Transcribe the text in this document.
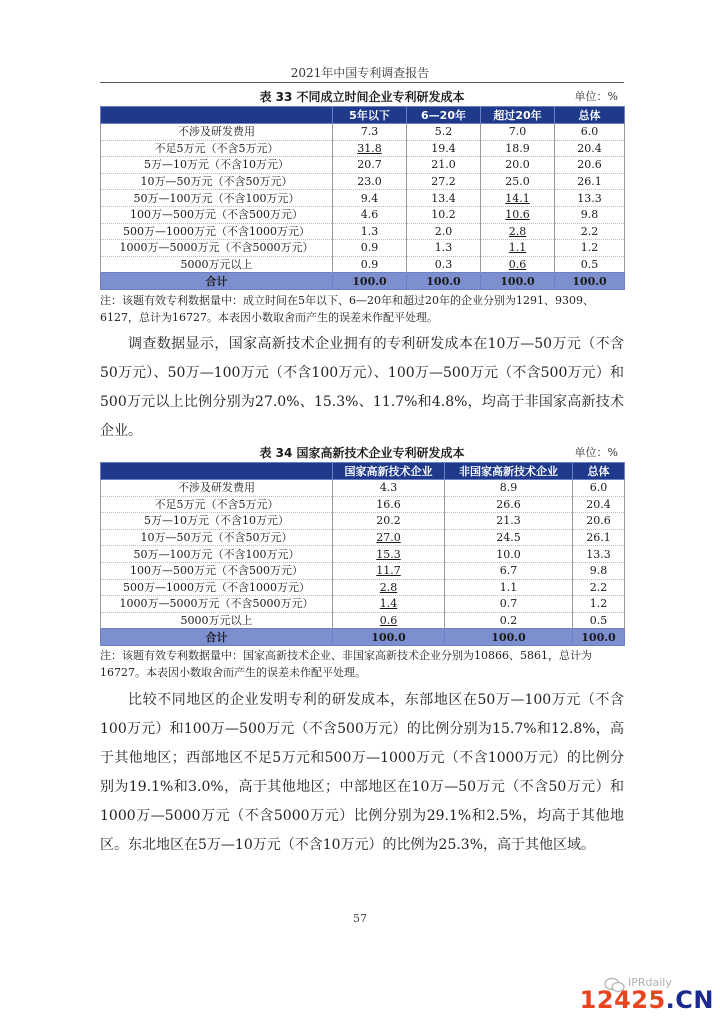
2021年中国专利调查报告
表 33 不同成立时间企业专利研发成本	单位：%
	5年以下	6—20年	超过20年	总体
不涉及研发费用	7.3	5.2	7.0	6.0
不足5万元（不含5万元）	31.8	19.4	18.9	20.4
5万—10万元（不含10万元）	20.7	21.0	20.0	20.6
10万—50万元（不含50万元）	23.0	27.2	25.0	26.1
50万—100万元（不含100万元）	9.4	13.4	14.1	13.3
100万—500万元（不含500万元）	4.6	10.2	10.6	9.8
500万—1000万元（不含1000万元）	1.3	2.0	2.8	2.2
1000万—5000万元（不含5000万元）	0.9	1.3	1.1	1.2
5000万元以上	0.9	0.3	0.6	0.5
合计	100.0	100.0	100.0	100.0
注：该题有效专利数据量中：成立时间在5年以下、6—20年和超过20年的企业分别为1291、9309、6127，总计为16727。本表因小数取舍而产生的误差未作配平处理。
调查数据显示，国家高新技术企业拥有的专利研发成本在10万—50万元（不含50万元）、50万—100万元（不含100万元）、100万—500万元（不含500万元）和500万元以上比例分别为27.0%、15.3%、11.7%和4.8%，均高于非国家高新技术企业。
表 34 国家高新技术企业专利研发成本	单位：%
	国家高新技术企业	非国家高新技术企业	总体
不涉及研发费用	4.3	8.9	6.0
不足5万元（不含5万元）	16.6	26.6	20.4
5万—10万元（不含10万元）	20.2	21.3	20.6
10万—50万元（不含50万元）	27.0	24.5	26.1
50万—100万元（不含100万元）	15.3	10.0	13.3
100万—500万元（不含500万元）	11.7	6.7	9.8
500万—1000万元（不含1000万元）	2.8	1.1	2.2
1000万—5000万元（不含5000万元）	1.4	0.7	1.2
5000万元以上	0.6	0.2	0.5
合计	100.0	100.0	100.0
注：该题有效专利数据量中：国家高新技术企业、非国家高新技术企业分别为10866、5861，总计为16727。本表因小数取舍而产生的误差未作配平处理。
比较不同地区的企业发明专利的研发成本，东部地区在50万—100万元（不含100万元）和100万—500万元（不含500万元）的比例分别为15.7%和12.8%，高于其他地区；西部地区不足5万元和500万—1000万元（不含1000万元）的比例分别为19.1%和3.0%，高于其他地区；中部地区在10万—50万元（不含50万元）和1000万—5000万元（不含5000万元）比例分别为29.1%和2.5%，均高于其他地区。东北地区在5万—10万元（不含10万元）的比例为25.3%，高于其他区域。
57
IPRdaily
12425.CN
